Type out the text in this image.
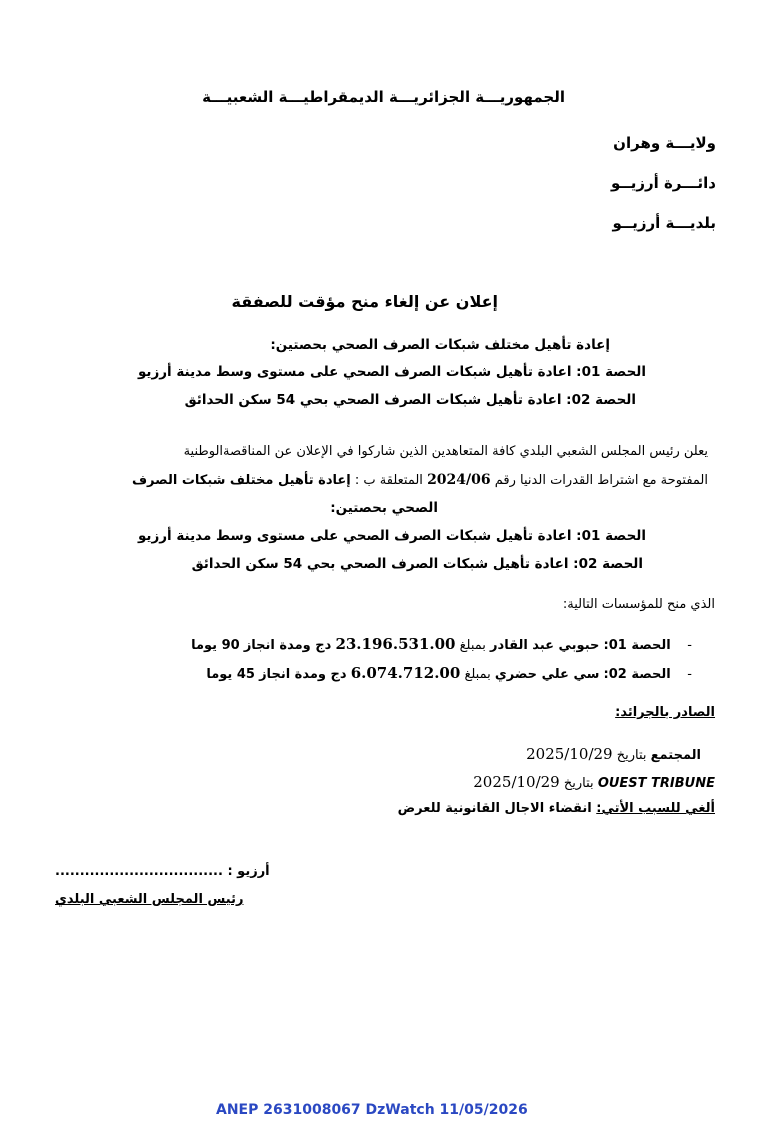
الجمهوريـــة الجزائريـــة الديمقراطيـــة الشعبيـــة
ولايـــة وهران
دائـــرة أرزيــو
بلديـــة أرزيــو
إعلان عن إلغاء منح مؤقت للصفقة
إعادة تأهيل مختلف شبكات الصرف الصحي بحصتين:
الحصة 01: اعادة تأهيل شبكات الصرف الصحي على مستوى وسط مدينة أرزيو
الحصة 02: اعادة تأهيل شبكات الصرف الصحي بحي 54 سكن الحدائق
يعلن رئيس المجلس الشعبي البلدي كافة المتعاهدين الذين شاركوا في الإعلان عن المناقصةالوطنية
المفتوحة مع اشتراط القدرات الدنيا رقم 2024/06 المتعلقة ب : إعادة تأهيل مختلف شبكات الصرف
الصحي بحصتين:
الحصة 01: اعادة تأهيل شبكات الصرف الصحي على مستوى وسط مدينة أرزيو
الحصة 02: اعادة تأهيل شبكات الصرف الصحي بحي 54 سكن الحدائق
الذي منح للمؤسسات التالية:
-    الحصة 01: حبوبي عبد القادر بمبلغ 23.196.531.00 دج ومدة انجاز 90 يوما
-    الحصة 02: سي علي حضري بمبلغ 6.074.712.00 دج ومدة انجاز 45 يوما
الصادر بالجرائد:
المجتمع بتاريخ 2025/10/29
OUEST TRIBUNE بتاريخ 2025/10/29
ألغي للسبب الأتي: انقضاء الاجال القانونية للعرض
.................................. أرزيو :
رئيس المجلس الشعبي البلدي
ANEP 2631008067 DzWatch 11/05/2026
